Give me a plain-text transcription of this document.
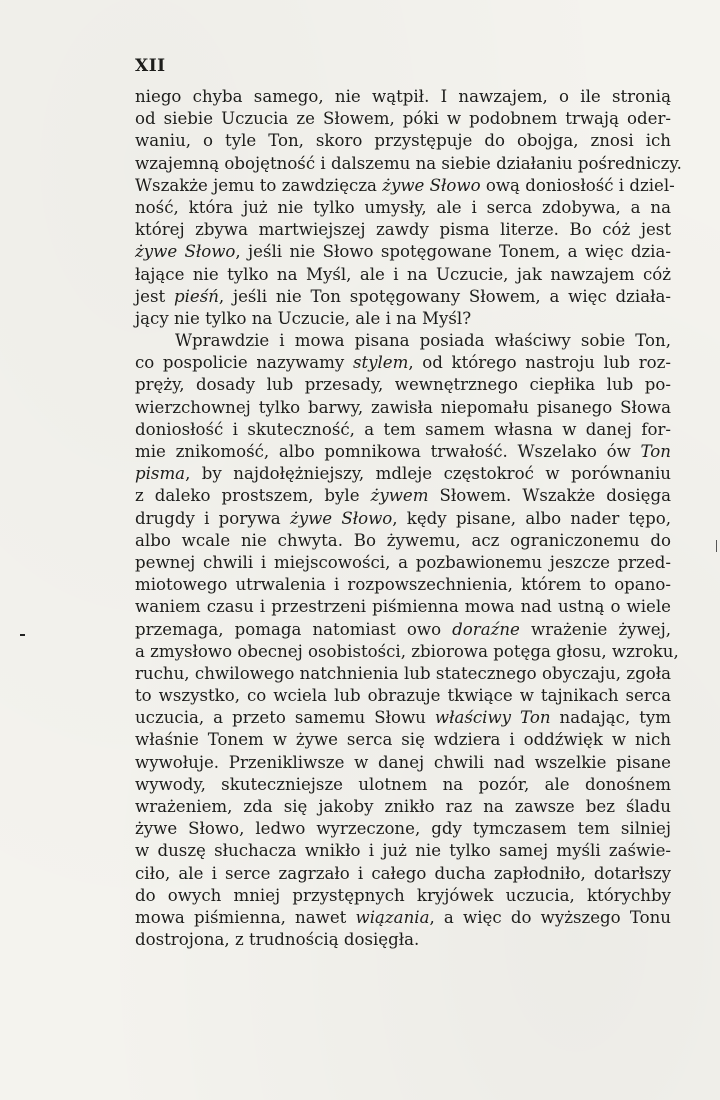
XII
niego chyba samego, nie wątpił. I nawzajem, o ile stronią
od siebie Uczucia ze Słowem, póki w podobnem trwają oder-
waniu, o tyle Ton, skoro przystępuje do obojga, znosi ich
wzajemną obojętność i dalszemu na siebie działaniu pośredniczy.
Wszakże jemu to zawdzięcza żywe Słowo ową doniosłość i dziel-
ność, która już nie tylko umysły, ale i serca zdobywa, a na
której zbywa martwiejszej zawdy pisma literze. Bo cóż jest
żywe Słowo, jeśli nie Słowo spotęgowane Tonem, a więc dzia-
łające nie tylko na Myśl, ale i na Uczucie, jak nawzajem cóż
jest pieśń, jeśli nie Ton spotęgowany Słowem, a więc działa-
jący nie tylko na Uczucie, ale i na Myśl?
Wprawdzie i mowa pisana posiada właściwy sobie Ton,
co pospolicie nazywamy stylem, od którego nastroju lub roz-
pręży, dosady lub przesady, wewnętrznego ciepłika lub po-
wierzchownej tylko barwy, zawisła niepomału pisanego Słowa
doniosłość i skuteczność, a tem samem własna w danej for-
mie znikomość, albo pomnikowa trwałość. Wszelako ów Ton
pisma, by najdołężniejszy, mdleje częstokroć w porównaniu
z daleko prostszem, byle żywem Słowem. Wszakże dosięga
drugdy i porywa żywe Słowo, kędy pisane, albo nader tępo,
albo wcale nie chwyta. Bo żywemu, acz ograniczonemu do
pewnej chwili i miejscowości, a pozbawionemu jeszcze przed-
miotowego utrwalenia i rozpowszechnienia, którem to opano-
waniem czasu i przestrzeni piśmienna mowa nad ustną o wiele
przemaga, pomaga natomiast owo doraźne wrażenie żywej,
a zmysłowo obecnej osobistości, zbiorowa potęga głosu, wzroku,
ruchu, chwilowego natchnienia lub statecznego obyczaju, zgoła
to wszystko, co wciela lub obrazuje tkwiące w tajnikach serca
uczucia, a przeto samemu Słowu właściwy Ton nadając, tym
właśnie Tonem w żywe serca się wdziera i oddźwięk w nich
wywołuje. Przenikliwsze w danej chwili nad wszelkie pisane
wywody, skuteczniejsze ulotnem na pozór, ale donośnem
wrażeniem, zda się jakoby znikło raz na zawsze bez śladu
żywe Słowo, ledwo wyrzeczone, gdy tymczasem tem silniej
w duszę słuchacza wnikło i już nie tylko samej myśli zaświe-
ciło, ale i serce zagrzało i całego ducha zapłodniło, dotarłszy
do owych mniej przystępnych kryjówek uczucia, którychby
mowa piśmienna, nawet wiązania, a więc do wyższego Tonu
dostrojona, z trudnością dosięgła.
